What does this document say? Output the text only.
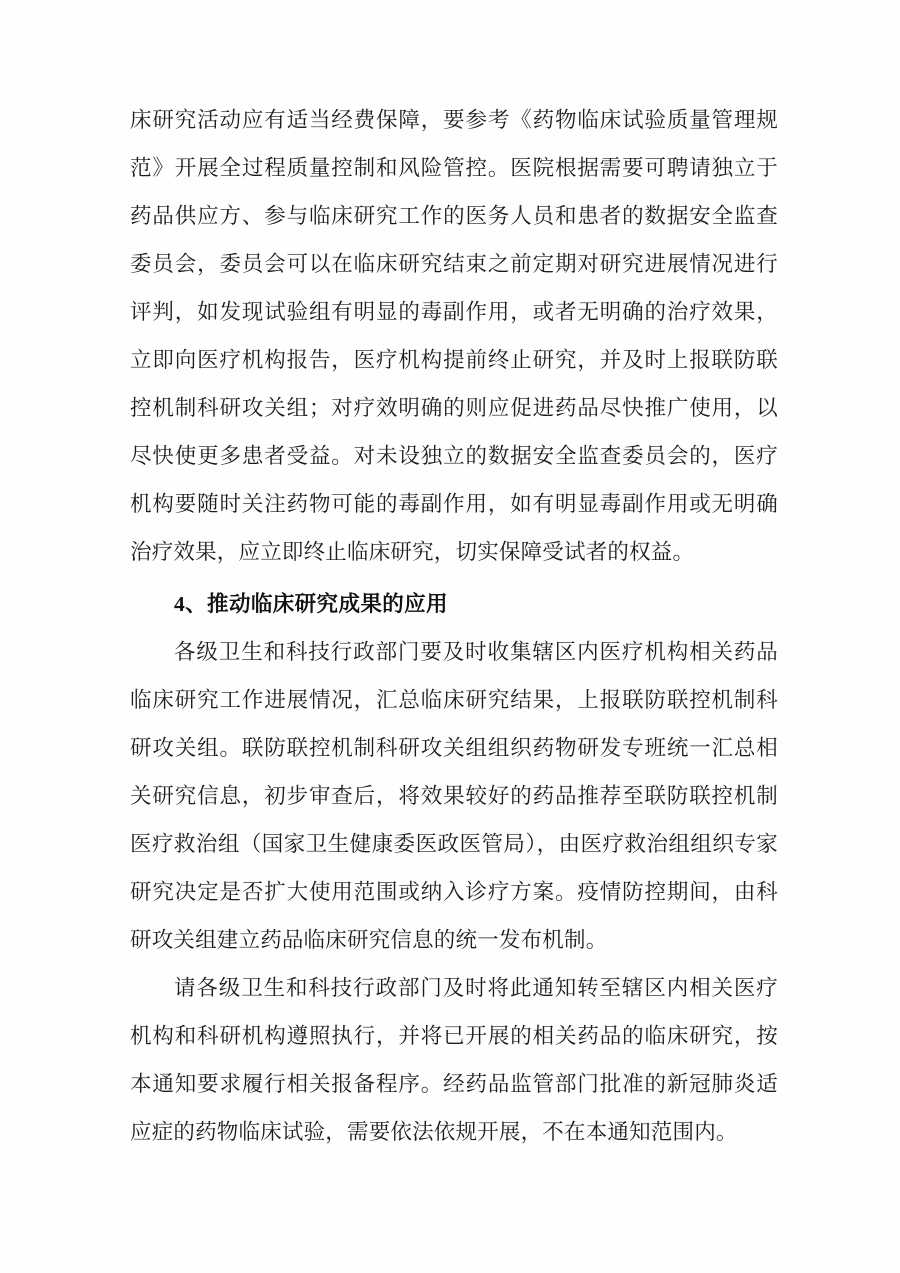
床研究活动应有适当经费保障，要参考《药物临床试验质量管理规范》开展全过程质量控制和风险管控。医院根据需要可聘请独立于药品供应方、参与临床研究工作的医务人员和患者的数据安全监查委员会，委员会可以在临床研究结束之前定期对研究进展情况进行评判，如发现试验组有明显的毒副作用，或者无明确的治疗效果，立即向医疗机构报告，医疗机构提前终止研究，并及时上报联防联控机制科研攻关组；对疗效明确的则应促进药品尽快推广使用，以尽快使更多患者受益。对未设独立的数据安全监查委员会的，医疗机构要随时关注药物可能的毒副作用，如有明显毒副作用或无明确治疗效果，应立即终止临床研究，切实保障受试者的权益。

4、推动临床研究成果的应用

各级卫生和科技行政部门要及时收集辖区内医疗机构相关药品临床研究工作进展情况，汇总临床研究结果，上报联防联控机制科研攻关组。联防联控机制科研攻关组组织药物研发专班统一汇总相关研究信息，初步审查后，将效果较好的药品推荐至联防联控机制医疗救治组（国家卫生健康委医政医管局），由医疗救治组组织专家研究决定是否扩大使用范围或纳入诊疗方案。疫情防控期间，由科研攻关组建立药品临床研究信息的统一发布机制。

请各级卫生和科技行政部门及时将此通知转至辖区内相关医疗机构和科研机构遵照执行，并将已开展的相关药品的临床研究，按本通知要求履行相关报备程序。经药品监管部门批准的新冠肺炎适应症的药物临床试验，需要依法依规开展，不在本通知范围内。
